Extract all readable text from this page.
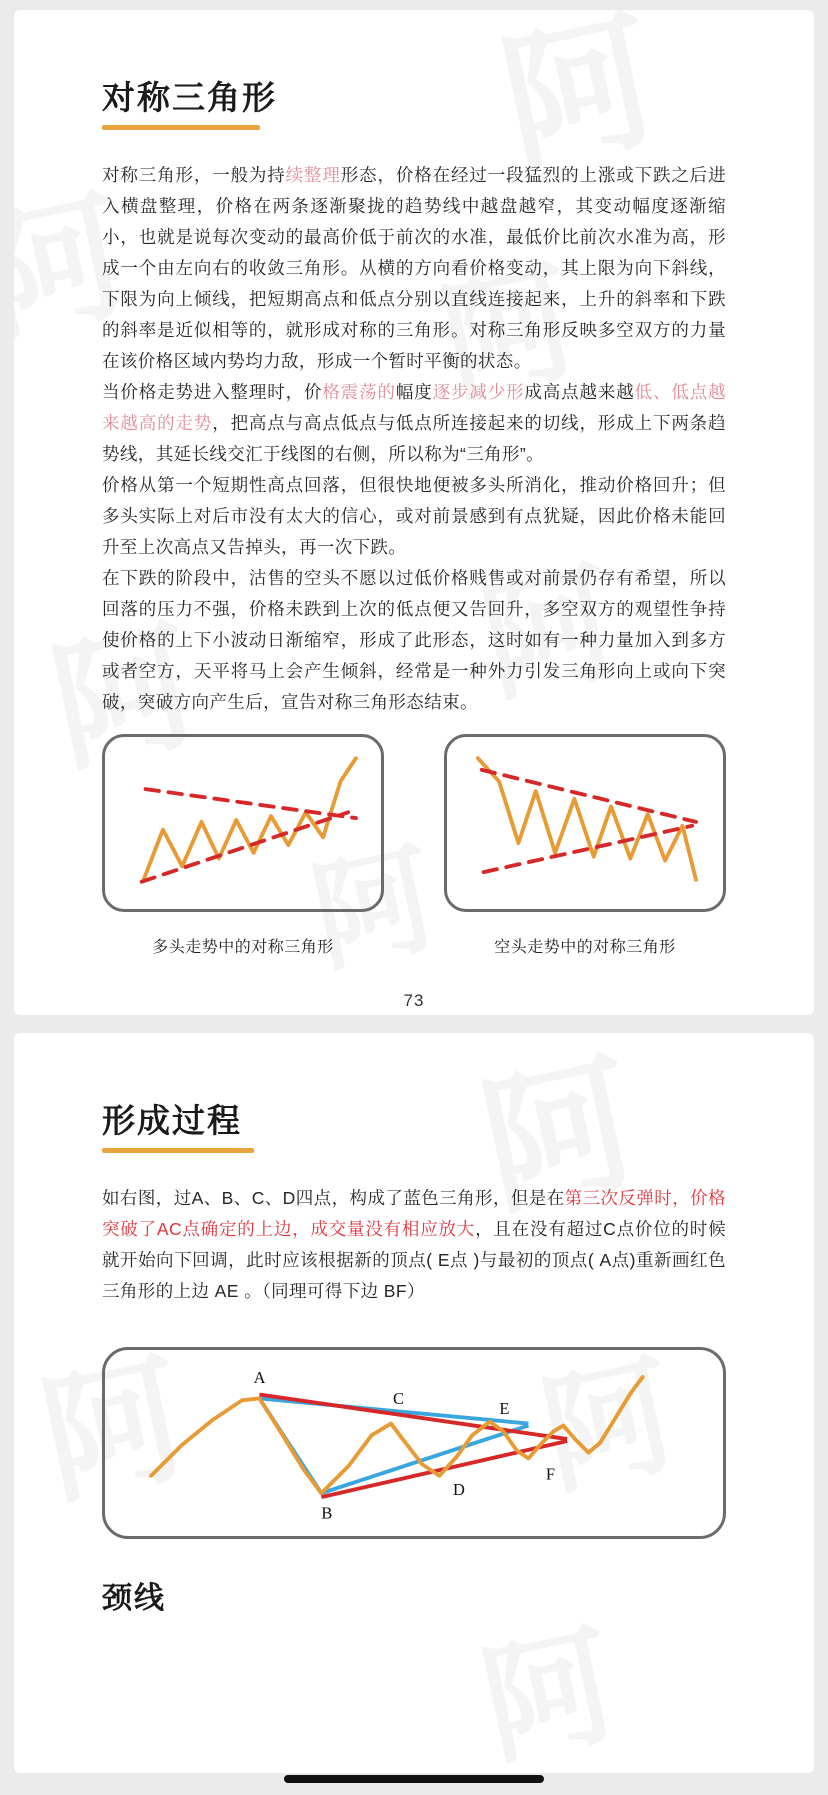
对称三角形

对称三角形，一般为持续整理形态，价格在经过一段猛烈的上涨或下跌之后进入横盘整理，价格在两条逐渐聚拢的趋势线中越盘越窄，其变动幅度逐渐缩小，也就是说每次变动的最高价低于前次的水准，最低价比前次水准为高，形成一个由左向右的收敛三角形。从横的方向看价格变动，其上限为向下斜线，下限为向上倾线，把短期高点和低点分别以直线连接起来，上升的斜率和下跌的斜率是近似相等的，就形成对称的三角形。对称三角形反映多空双方的力量在该价格区域内势均力敌，形成一个暂时平衡的状态。

当价格走势进入整理时，价格震荡的幅度逐步减少形成高点越来越低、低点越来越高的走势，把高点与高点低点与低点所连接起来的切线，形成上下两条趋势线，其延长线交汇于线图的右侧，所以称为“三角形”。

价格从第一个短期性高点回落，但很快地便被多头所消化，推动价格回升；但多头实际上对后市没有太大的信心，或对前景感到有点犹疑，因此价格未能回升至上次高点又告掉头，再一次下跌。

在下跌的阶段中，沽售的空头不愿以过低价格贱售或对前景仍存有希望，所以回落的压力不强，价格未跌到上次的低点便又告回升，多空双方的观望性争持使价格的上下小波动日渐缩窄，形成了此形态，这时如有一种力量加入到多方或者空方，天平将马上会产生倾斜，经常是一种外力引发三角形向上或向下突破，突破方向产生后，宣告对称三角形态结束。

多头走势中的对称三角形	空头走势中的对称三角形
73
形成过程

如右图，过A、B、C、D四点，构成了蓝色三角形，但是在第三次反弹时，价格突破了AC点确定的上边，成交量没有相应放大，且在没有超过C点价位的时候就开始向下回调，此时应该根据新的顶点( E点 )与最初的顶点( A点)重新画红色三角形的上边 AE 。（同理可得下边 BF）

A
C
E
B
D
F
颈线
